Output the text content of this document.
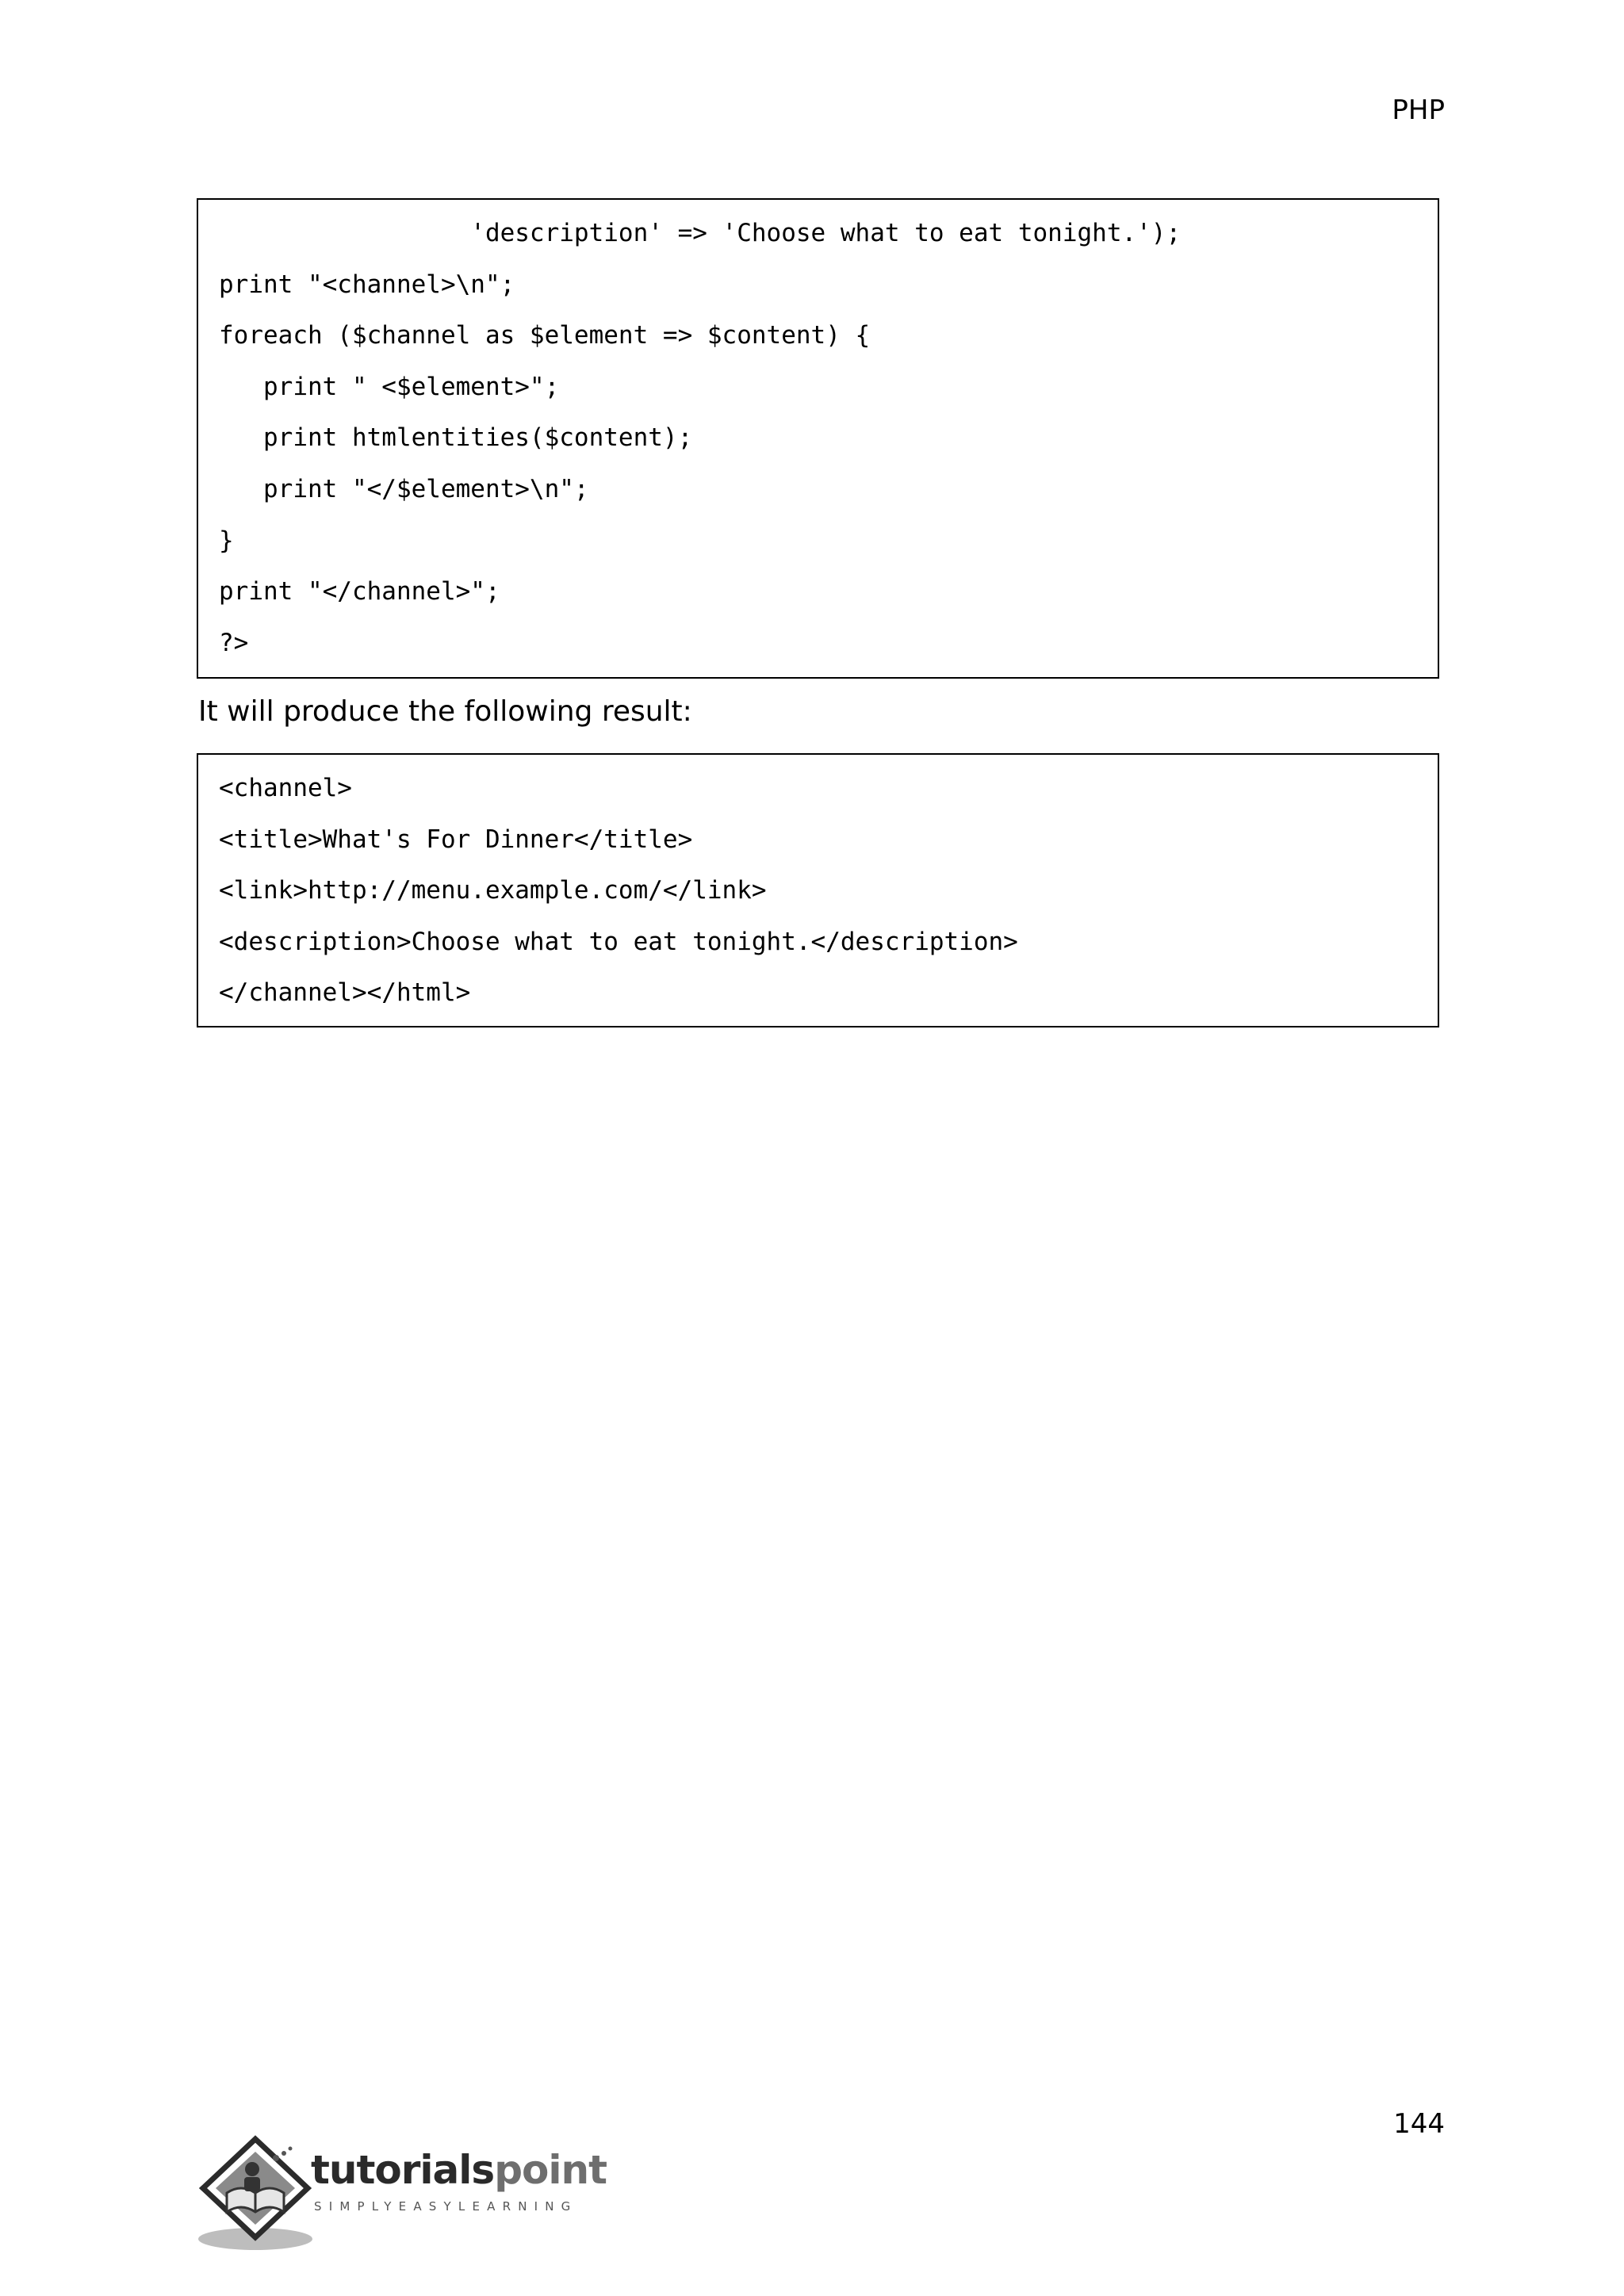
PHP
'description' => 'Choose what to eat tonight.');
print "<channel>\n";
foreach ($channel as $element => $content) {
print " <$element>";
print htmlentities($content);
print "</$element>\n";
}
print "</channel>";
?>
It will produce the following result:
<channel>
<title>What's For Dinner</title>
<link>http://menu.example.com/</link>
<description>Choose what to eat tonight.</description>
</channel></html>
144
tutorialspoint
SIMPLYEASYLEARNING
